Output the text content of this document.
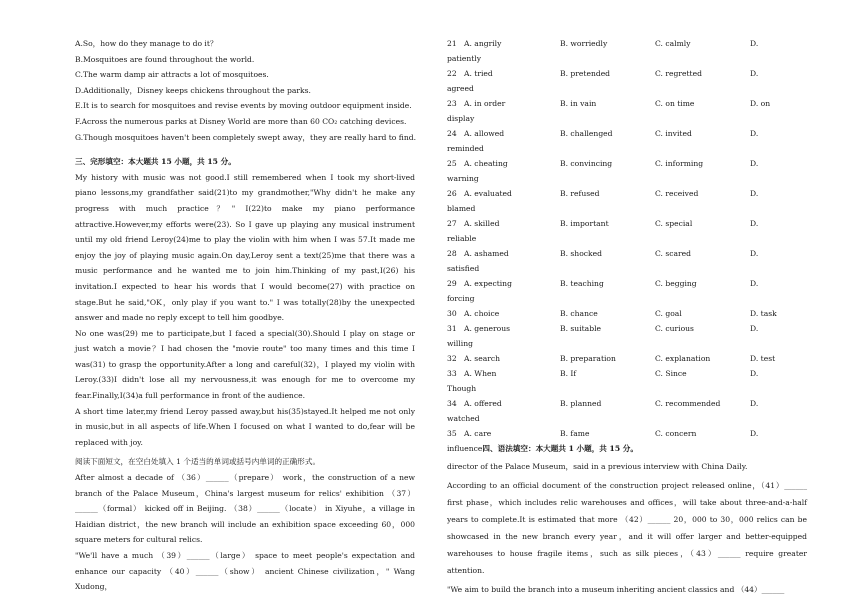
A.So，how do they manage to do it？
B.Mosquitoes are found throughout the world.
C.The warm damp air attracts a lot of mosquitoes.
D.Additionally，Disney keeps chickens throughout the parks.
E.It is to search for mosquitoes and revise events by moving outdoor equipment inside.
F.Across the numerous parks at Disney World are more than 60 CO₂ catching devices.
G.Though mosquitoes haven't been completely swept away，they are really hard to find.
三、完形填空：本大题共 15 小题，共 15 分。
My history with music was not good.I still remembered when I took my short-lived piano lessons,my grandfather said(21)to my grandmother,"Why didn't he make any progress with much practice？" I(22)to make my piano performance attractive.However,my efforts were(23). So I gave up playing any musical instrument until my old friend Leroy(24)me to play the violin with him when I was 57.It made me enjoy the joy of playing music again.On day,Leroy sent a text(25)me that there was a music performance and he wanted me to join him.Thinking of my past,I(26) his invitation.I expected to hear his words that I would become(27) with practice on stage.But he said,"OK，only play if you want to." I was totally(28)by the unexpected answer and made no reply except to tell him goodbye.
No one was(29) me to participate,but I faced a special(30).Should I play on stage or just watch a movie？I had chosen the "movie route" too many times and this time I was(31) to grasp the opportunity.After a long and careful(32)，I played my violin with Leroy.(33)I didn't lose all my nervousness,it was enough for me to overcome my fear.Finally,I(34)a full performance in front of the audience.
A short time later,my friend Leroy passed away,but his(35)stayed.It helped me not only in music,but in all aspects of life.When I focused on what I wanted to do,fear will be replaced with joy.
阅读下面短文，在空白处填入 1 个适当的单词或括号内单词的正确形式。
After almost a decade of （36）______（prepare） work，the construction of a new branch of the Palace Museum，China's largest museum for relics' exhibition （37）______（formal） kicked off in Beijing. （38）______（locate） in Xiyuhe，a village in Haidian district，the new branch will include an exhibition space exceeding 60，000 square meters for cultural relics.
"We'll have a much （39）______（large） space to meet people's expectation and enhance our capacity （40）______（show） ancient Chinese civilization，" Wang Xudong，
21 A. angrily	B. worriedly	C. calmly	D.
patiently
22 A. tried	B. pretended	C. regretted	D.
agreed
23 A. in order	B. in vain	C. on time	D. on
display
24 A. allowed	B. challenged	C. invited	D.
reminded
25 A. cheating	B. convincing	C. informing	D.
warning
26 A. evaluated	B. refused	C. received	D.
blamed
27 A. skilled	B. important	C. special	D.
reliable
28 A. ashamed	B. shocked	C. scared	D.
satisfied
29 A. expecting	B. teaching	C. begging	D.
forcing
30 A. choice	B. chance	C. goal	D. task
31 A. generous	B. suitable	C. curious	D.
willing
32 A. search	B. preparation	C. explanation	D. test
33 A. When	B. If	C. Since	D.
Though
34 A. offered	B. planned	C. recommended	D.
watched
35 A. care	B. fame	C. concern	D.
influence四、语法填空：本大题共 1 小题，共 15 分。
director of the Palace Museum，said in a previous interview with China Daily.
According to an official document of the construction project released online，（41）______ first phase，which includes relic warehouses and offices，will take about three-and-a-half years to complete.It is estimated that more （42）______ 20，000 to 30，000 relics can be showcased in the new branch every year，and it will offer larger and better-equipped warehouses to house fragile items，such as silk pieces，（43）______ require greater attention.
"We aim to build the branch into a museum inheriting ancient classics and （44）______
